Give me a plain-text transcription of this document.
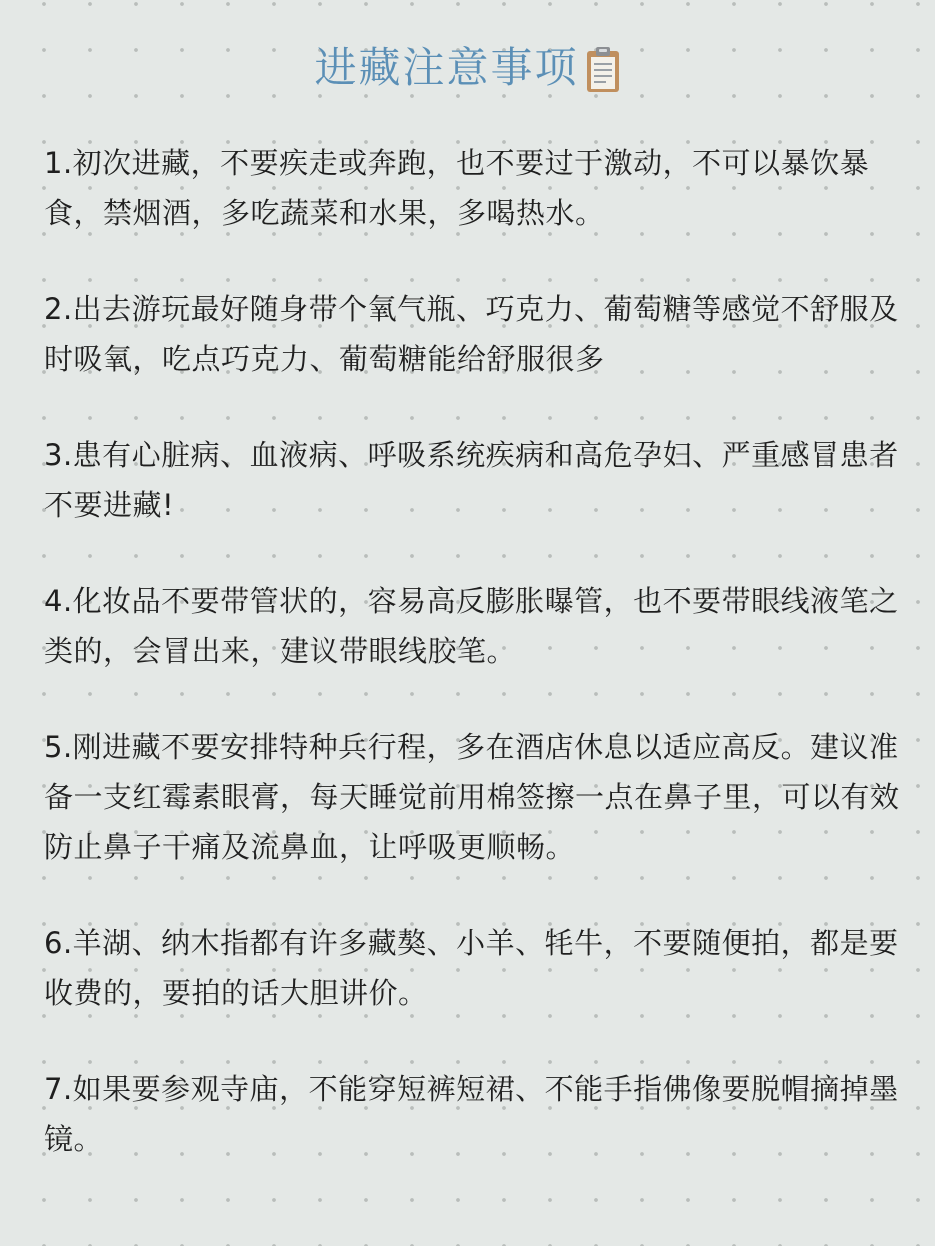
进藏注意事项

1.初次进藏，不要疾走或奔跑，也不要过于激动，不可以暴饮暴食，禁烟酒，多吃蔬菜和水果，多喝热水。

2.出去游玩最好随身带个氧气瓶、巧克力、葡萄糖等感觉不舒服及时吸氧，吃点巧克力、葡萄糖能给舒服很多

3.患有心脏病、血液病、呼吸系统疾病和高危孕妇、严重感冒患者不要进藏!

4.化妆品不要带管状的，容易高反膨胀曝管，也不要带眼线液笔之类的，会冒出来，建议带眼线胶笔。

5.刚进藏不要安排特种兵行程，多在酒店休息以适应高反。建议准备一支红霉素眼膏，每天睡觉前用棉签擦一点在鼻子里，可以有效防止鼻子干痛及流鼻血，让呼吸更顺畅。

6.羊湖、纳木指都有许多藏獒、小羊、牦牛，不要随便拍，都是要收费的，要拍的话大胆讲价。

7.如果要参观寺庙，不能穿短裤短裙、不能手指佛像要脱帽摘掉墨镜。
